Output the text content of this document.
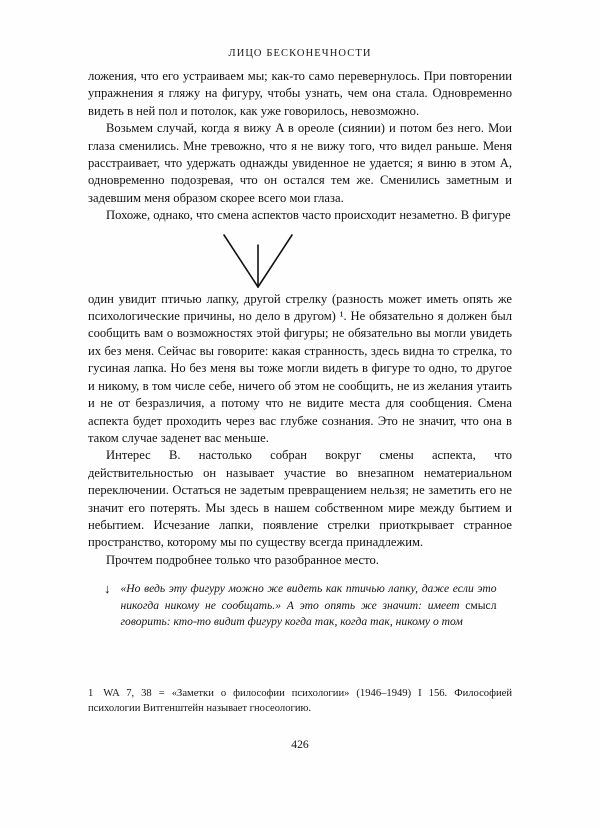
ЛИЦО БЕСКОНЕЧНОСТИ

ложения, что его устраиваем мы; как-то само перевернулось. При повторении упражнения я гляжу на фигуру, чтобы узнать, чем она стала. Одновременно видеть в ней пол и потолок, как уже говорилось, невозможно.

Возьмем случай, когда я вижу A в ореоле (сиянии) и потом без него. Мои глаза сменились. Мне тревожно, что я не вижу того, что видел раньше. Меня расстраивает, что удержать однажды увиденное не удается; я виню в этом A, одновременно подозревая, что он остался тем же. Сменились заметным и задевшим меня образом скорее всего мои глаза.

Похоже, однако, что смена аспектов часто происходит незаметно. В фигуре

один увидит птичью лапку, другой стрелку (разность может иметь опять же психологические причины, но дело в другом) ¹. Не обязательно я должен был сообщить вам о возможностях этой фигуры; не обязательно вы могли увидеть их без меня. Сейчас вы говорите: какая странность, здесь видна то стрелка, то гусиная лапка. Но без меня вы тоже могли видеть в фигуре то одно, то другое и никому, в том числе себе, ничего об этом не сообщить, не из желания утаить и не от безразличия, а потому что не видите места для сообщения. Смена аспекта будет проходить через вас глубже сознания. Это не значит, что она в таком случае заденет вас меньше.

Интерес В. настолько собран вокруг смены аспекта, что действительностью он называет участие во внезапном нематериальном переключении. Остаться не задетым превращением нельзя; не заметить его не значит его потерять. Мы здесь в нашем собственном мире между бытием и небытием. Исчезание лапки, появление стрелки приоткрывает странное пространство, которому мы по существу всегда принадлежим.

Прочтем подробнее только что разобранное место.

↓ «Но ведь эту фигуру можно же видеть как птичью лапку, даже если это никогда никому не сообщать.» А это опять же значит: имеет смысл говорить: кто-то видит фигуру когда так, когда так, никому о том
1 WA 7, 38 = «Заметки о философии психологии» (1946–1949) I 156. Философией психологии Витгенштейн называет гносеологию.
426
